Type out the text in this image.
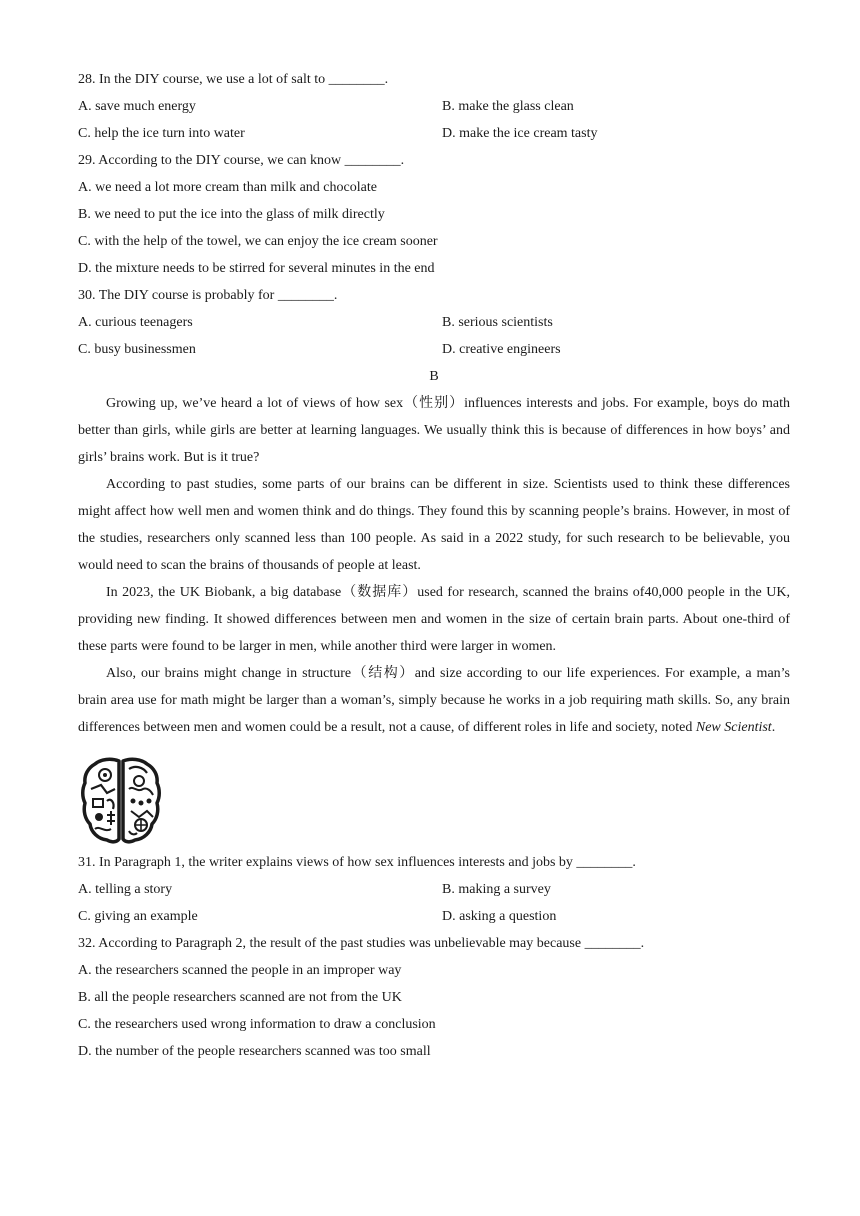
28. In the DIY course, we use a lot of salt to ________.
A. save much energy	B. make the glass clean
C. help the ice turn into water	D. make the ice cream tasty
29. According to the DIY course, we can know ________.
A. we need a lot more cream than milk and chocolate
B. we need to put the ice into the glass of milk directly
C. with the help of the towel, we can enjoy the ice cream sooner
D. the mixture needs to be stirred for several minutes in the end
30. The DIY course is probably for ________.
A. curious teenagers	B. serious scientists
C. busy businessmen	D. creative engineers
B

Growing up, we’ve heard a lot of views of how sex（性别）influences interests and jobs. For example, boys do math better than girls, while girls are better at learning languages. We usually think this is because of differences in how boys’ and girls’ brains work. But is it true?

According to past studies, some parts of our brains can be different in size. Scientists used to think these differences might affect how well men and women think and do things. They found this by scanning people’s brains. However, in most of the studies, researchers only scanned less than 100 people. As said in a 2022 study, for such research to be believable, you would need to scan the brains of thousands of people at least.

In 2023, the UK Biobank, a big database（数据库）used for research, scanned the brains of40,000 people in the UK, providing new finding. It showed differences between men and women in the size of certain brain parts. About one-third of these parts were found to be larger in men, while another third were larger in women.

Also, our brains might change in structure（结构）and size according to our life experiences. For example, a man’s brain area use for math might be larger than a woman’s, simply because he works in a job requiring math skills. So, any brain differences between men and women could be a result, not a cause, of different roles in life and society, noted New Scientist.

31. In Paragraph 1, the writer explains views of how sex influences interests and jobs by ________.
A. telling a story	B. making a survey
C. giving an example	D. asking a question
32. According to Paragraph 2, the result of the past studies was unbelievable may because ________.
A. the researchers scanned the people in an improper way
B. all the people researchers scanned are not from the UK
C. the researchers used wrong information to draw a conclusion
D. the number of the people researchers scanned was too small
